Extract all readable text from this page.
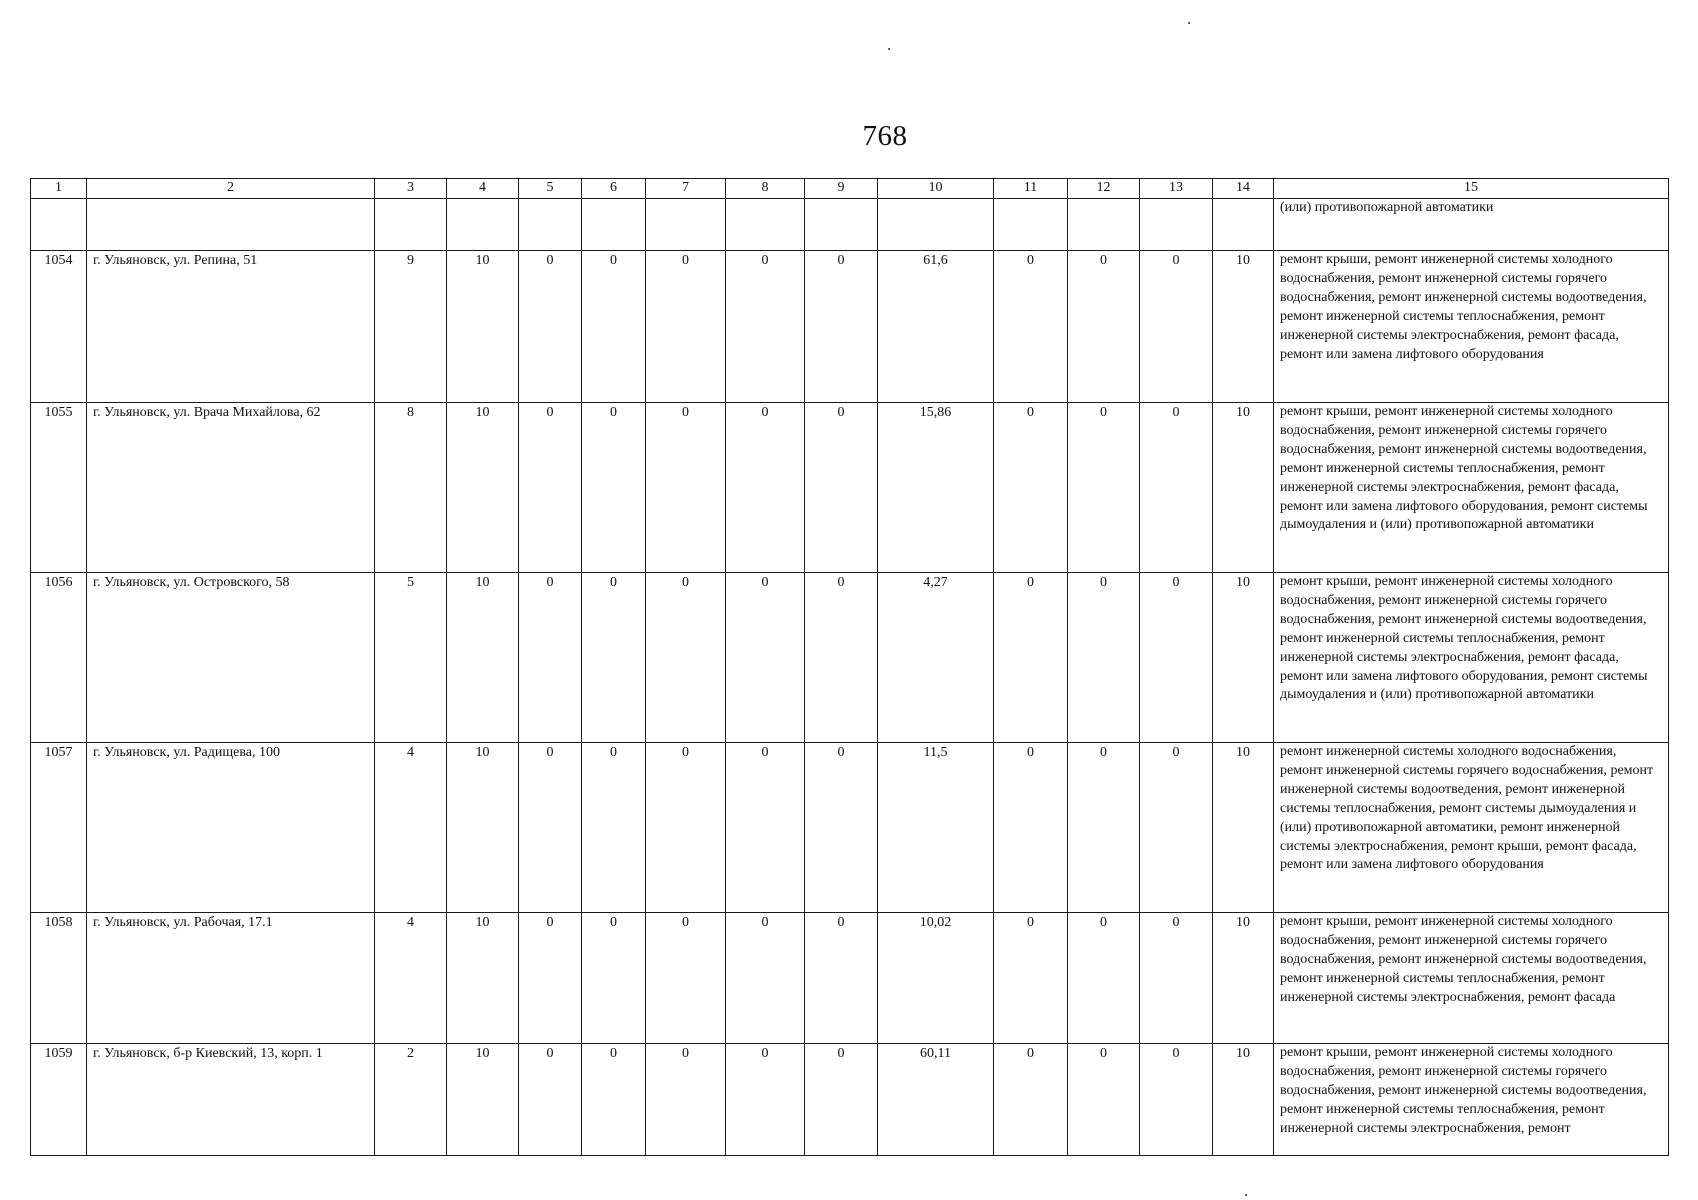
768
1	2	3	4	5	6	7	8	9	10	11	12	13	14	15
														(или) противопожарной автоматики
1054	г. Ульяновск, ул. Репина, 51	9	10	0	0	0	0	0	61,6	0	0	0	10	ремонт крыши, ремонт инженерной системы холодного водоснабжения, ремонт инженерной системы горячего водоснабжения, ремонт инженерной системы водоотведения, ремонт инженерной системы теплоснабжения, ремонт инженерной системы электроснабжения, ремонт фасада, ремонт или замена лифтового оборудования
1055	г. Ульяновск, ул. Врача Михайлова, 62	8	10	0	0	0	0	0	15,86	0	0	0	10	ремонт крыши, ремонт инженерной системы холодного водоснабжения, ремонт инженерной системы горячего водоснабжения, ремонт инженерной системы водоотведения, ремонт инженерной системы теплоснабжения, ремонт инженерной системы электроснабжения, ремонт фасада, ремонт или замена лифтового оборудования, ремонт системы дымоудаления и (или) противопожарной автоматики
1056	г. Ульяновск, ул. Островского, 58	5	10	0	0	0	0	0	4,27	0	0	0	10	ремонт крыши, ремонт инженерной системы холодного водоснабжения, ремонт инженерной системы горячего водоснабжения, ремонт инженерной системы водоотведения, ремонт инженерной системы теплоснабжения, ремонт инженерной системы электроснабжения, ремонт фасада, ремонт или замена лифтового оборудования, ремонт системы дымоудаления и (или) противопожарной автоматики
1057	г. Ульяновск, ул. Радищева, 100	4	10	0	0	0	0	0	11,5	0	0	0	10	ремонт инженерной системы холодного водоснабжения, ремонт инженерной системы горячего водоснабжения, ремонт инженерной системы водоотведения, ремонт инженерной системы теплоснабжения, ремонт системы дымоудаления и (или) противопожарной автоматики, ремонт инженерной системы электроснабжения, ремонт крыши, ремонт фасада, ремонт или замена лифтового оборудования
1058	г. Ульяновск, ул. Рабочая, 17.1	4	10	0	0	0	0	0	10,02	0	0	0	10	ремонт крыши, ремонт инженерной системы холодного водоснабжения, ремонт инженерной системы горячего водоснабжения, ремонт инженерной системы водоотведения, ремонт инженерной системы теплоснабжения, ремонт инженерной системы электроснабжения, ремонт фасада
1059	г. Ульяновск, б-р Киевский, 13, корп. 1	2	10	0	0	0	0	0	60,11	0	0	0	10	ремонт крыши, ремонт инженерной системы холодного водоснабжения, ремонт инженерной системы горячего водоснабжения, ремонт инженерной системы водоотведения, ремонт инженерной системы теплоснабжения, ремонт инженерной системы электроснабжения, ремонт
